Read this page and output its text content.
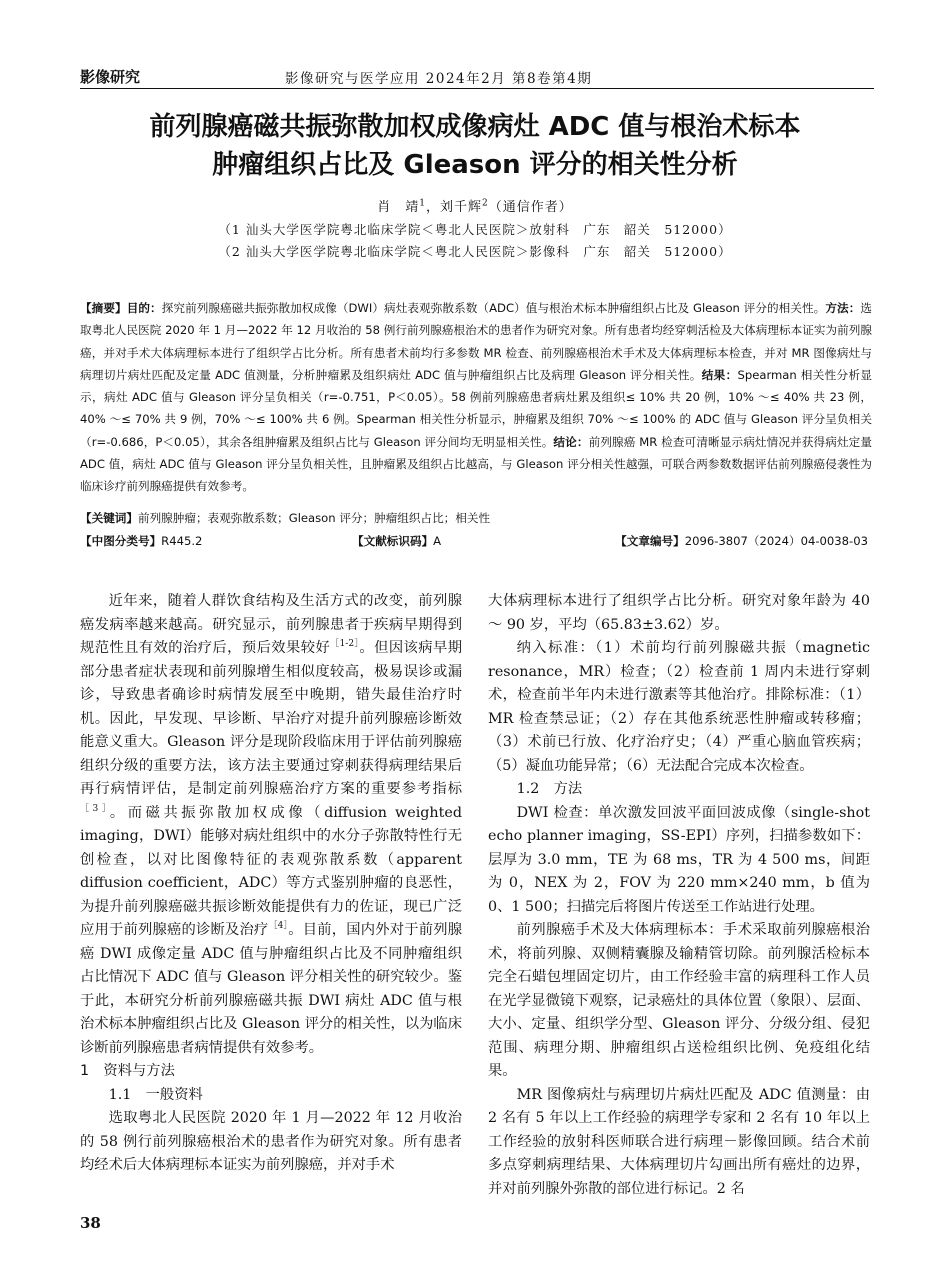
影像研究	影像研究与医学应用 2024年2月 第8卷第4期
前列腺癌磁共振弥散加权成像病灶 ADC 值与根治术标本
肿瘤组织占比及 Gleason 评分的相关性分析
肖　靖$^1$，刘千辉$^2$（通信作者）
（1 汕头大学医学院粤北临床学院＜粤北人民医院＞放射科　广东　韶关　512000）
（2 汕头大学医学院粤北临床学院＜粤北人民医院＞影像科　广东　韶关　512000）
【摘要】目的：探究前列腺癌磁共振弥散加权成像（DWI）病灶表观弥散系数（ADC）值与根治术标本肿瘤组织占比及 Gleason 评分的相关性。方法：选取粤北人民医院 2020 年 1 月—2022 年 12 月收治的 58 例行前列腺癌根治术的患者作为研究对象。所有患者均经穿刺活检及大体病理标本证实为前列腺癌，并对手术大体病理标本进行了组织学占比分析。所有患者术前均行多参数 MR 检查、前列腺癌根治术手术及大体病理标本检查，并对 MR 图像病灶与病理切片病灶匹配及定量 ADC 值测量，分析肿瘤累及组织病灶 ADC 值与肿瘤组织占比及病理 Gleason 评分相关性。结果：Spearman 相关性分析显示，病灶 ADC 值与 Gleason 评分呈负相关（r=-0.751，P＜0.05）。58 例前列腺癌患者病灶累及组织≤ 10% 共 20 例，10% ～≤ 40% 共 23 例，40% ～≤ 70% 共 9 例，70% ～≤ 100% 共 6 例。Spearman 相关性分析显示，肿瘤累及组织 70% ～≤ 100% 的 ADC 值与 Gleason 评分呈负相关（r=-0.686，P＜0.05），其余各组肿瘤累及组织占比与 Gleason 评分间均无明显相关性。结论：前列腺癌 MR 检查可清晰显示病灶情况并获得病灶定量 ADC 值，病灶 ADC 值与 Gleason 评分呈负相关性，且肿瘤累及组织占比越高，与 Gleason 评分相关性越强，可联合两参数数据评估前列腺癌侵袭性为临床诊疗前列腺癌提供有效参考。
【关键词】前列腺肿瘤；表观弥散系数；Gleason 评分；肿瘤组织占比；相关性
【中图分类号】R445.2	【文献标识码】A	【文章编号】2096-3807（2024）04-0038-03

近年来，随着人群饮食结构及生活方式的改变，前列腺癌发病率越来越高。研究显示，前列腺患者于疾病早期得到规范性且有效的治疗后，预后效果较好$^{[1-2]}$。但因该病早期部分患者症状表现和前列腺增生相似度较高，极易误诊或漏诊，导致患者确诊时病情发展至中晚期，错失最佳治疗时机。因此，早发现、早诊断、早治疗对提升前列腺癌诊断效能意义重大。Gleason 评分是现阶段临床用于评估前列腺癌组织分级的重要方法，该方法主要通过穿刺获得病理结果后再行病情评估，是制定前列腺癌治疗方案的重要参考指标$^{[3]}$。而磁共振弥散加权成像（diffusion weighted imaging，DWI）能够对病灶组织中的水分子弥散特性行无创检查，以对比图像特征的表观弥散系数（apparent diffusion coefficient，ADC）等方式鉴别肿瘤的良恶性，为提升前列腺癌磁共振诊断效能提供有力的佐证，现已广泛应用于前列腺癌的诊断及治疗$^{[4]}$。目前，国内外对于前列腺癌 DWI 成像定量 ADC 值与肿瘤组织占比及不同肿瘤组织占比情况下 ADC 值与 Gleason 评分相关性的研究较少。鉴于此，本研究分析前列腺癌磁共振 DWI 病灶 ADC 值与根治术标本肿瘤组织占比及 Gleason 评分的相关性，以为临床诊断前列腺癌患者病情提供有效参考。

1　资料与方法

1.1　一般资料

选取粤北人民医院 2020 年 1 月—2022 年 12 月收治的 58 例行前列腺癌根治术的患者作为研究对象。所有患者均经术后大体病理标本证实为前列腺癌，并对手术

大体病理标本进行了组织学占比分析。研究对象年龄为 40 ～ 90 岁，平均（65.83±3.62）岁。

纳入标准：（1）术前均行前列腺磁共振（magnetic resonance，MR）检查；（2）检查前 1 周内未进行穿刺术，检查前半年内未进行激素等其他治疗。排除标准：（1）MR 检查禁忌证；（2）存在其他系统恶性肿瘤或转移瘤；（3）术前已行放、化疗治疗史；（4）严重心脑血管疾病；（5）凝血功能异常；（6）无法配合完成本次检查。

1.2　方法

DWI 检查：单次激发回波平面回波成像（single-shot echo planner imaging，SS-EPI）序列，扫描参数如下：层厚为 3.0 mm，TE 为 68 ms，TR 为 4 500 ms，间距为 0，NEX 为 2，FOV 为 220 mm×240 mm，b 值为 0、1 500；扫描完后将图片传送至工作站进行处理。

前列腺癌手术及大体病理标本：手术采取前列腺癌根治术，将前列腺、双侧精囊腺及输精管切除。前列腺活检标本完全石蜡包埋固定切片，由工作经验丰富的病理科工作人员在光学显微镜下观察，记录癌灶的具体位置（象限）、层面、大小、定量、组织学分型、Gleason 评分、分级分组、侵犯范围、病理分期、肿瘤组织占送检组织比例、免疫组化结果。

MR 图像病灶与病理切片病灶匹配及 ADC 值测量：由 2 名有 5 年以上工作经验的病理学专家和 2 名有 10 年以上工作经验的放射科医师联合进行病理－影像回顾。结合术前多点穿刺病理结果、大体病理切片勾画出所有癌灶的边界，并对前列腺外弥散的部位进行标记。2 名

38
